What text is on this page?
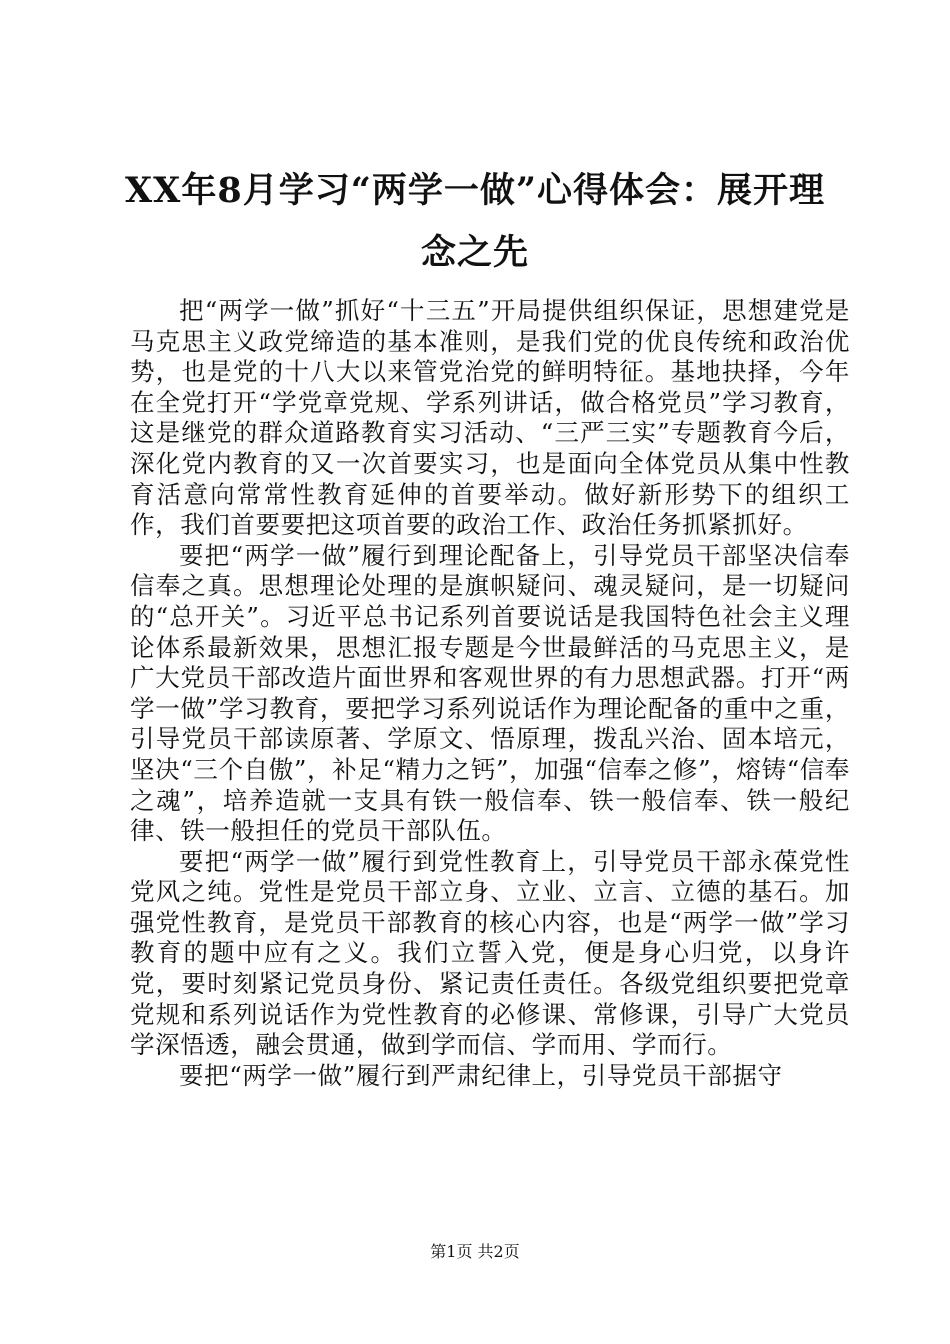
XX年8月学习“两学一做”心得体会：展开理念之先

把“两学一做”抓好“十三五”开局提供组织保证，思想建党是马克思主义政党缔造的基本准则，是我们党的优良传统和政治优势，也是党的十八大以来管党治党的鲜明特征。基地抉择，今年在全党打开“学党章党规、学系列讲话，做合格党员”学习教育，这是继党的群众道路教育实习活动、“三严三实”专题教育今后，深化党内教育的又一次首要实习，也是面向全体党员从集中性教育活意向常常性教育延伸的首要举动。做好新形势下的组织工作，我们首要要把这项首要的政治工作、政治任务抓紧抓好。

要把“两学一做”履行到理论配备上，引导党员干部坚决信奉信奉之真。思想理论处理的是旗帜疑问、魂灵疑问，是一切疑问的“总开关”。习近平总书记系列首要说话是我国特色社会主义理论体系最新效果，思想汇报专题是今世最鲜活的马克思主义，是广大党员干部改造片面世界和客观世界的有力思想武器。打开“两学一做”学习教育，要把学习系列说话作为理论配备的重中之重，引导党员干部读原著、学原文、悟原理，拨乱兴治、固本培元，坚决“三个自傲”，补足“精力之钙”，加强“信奉之修”，熔铸“信奉之魂”，培养造就一支具有铁一般信奉、铁一般信奉、铁一般纪律、铁一般担任的党员干部队伍。

要把“两学一做”履行到党性教育上，引导党员干部永葆党性党风之纯。党性是党员干部立身、立业、立言、立德的基石。加强党性教育，是党员干部教育的核心内容，也是“两学一做”学习教育的题中应有之义。我们立誓入党，便是身心归党，以身许党，要时刻紧记党员身份、紧记责任责任。各级党组织要把党章党规和系列说话作为党性教育的必修课、常修课，引导广大党员学深悟透，融会贯通，做到学而信、学而用、学而行。

要把“两学一做”履行到严肃纪律上，引导党员干部据守

第1页 共2页
